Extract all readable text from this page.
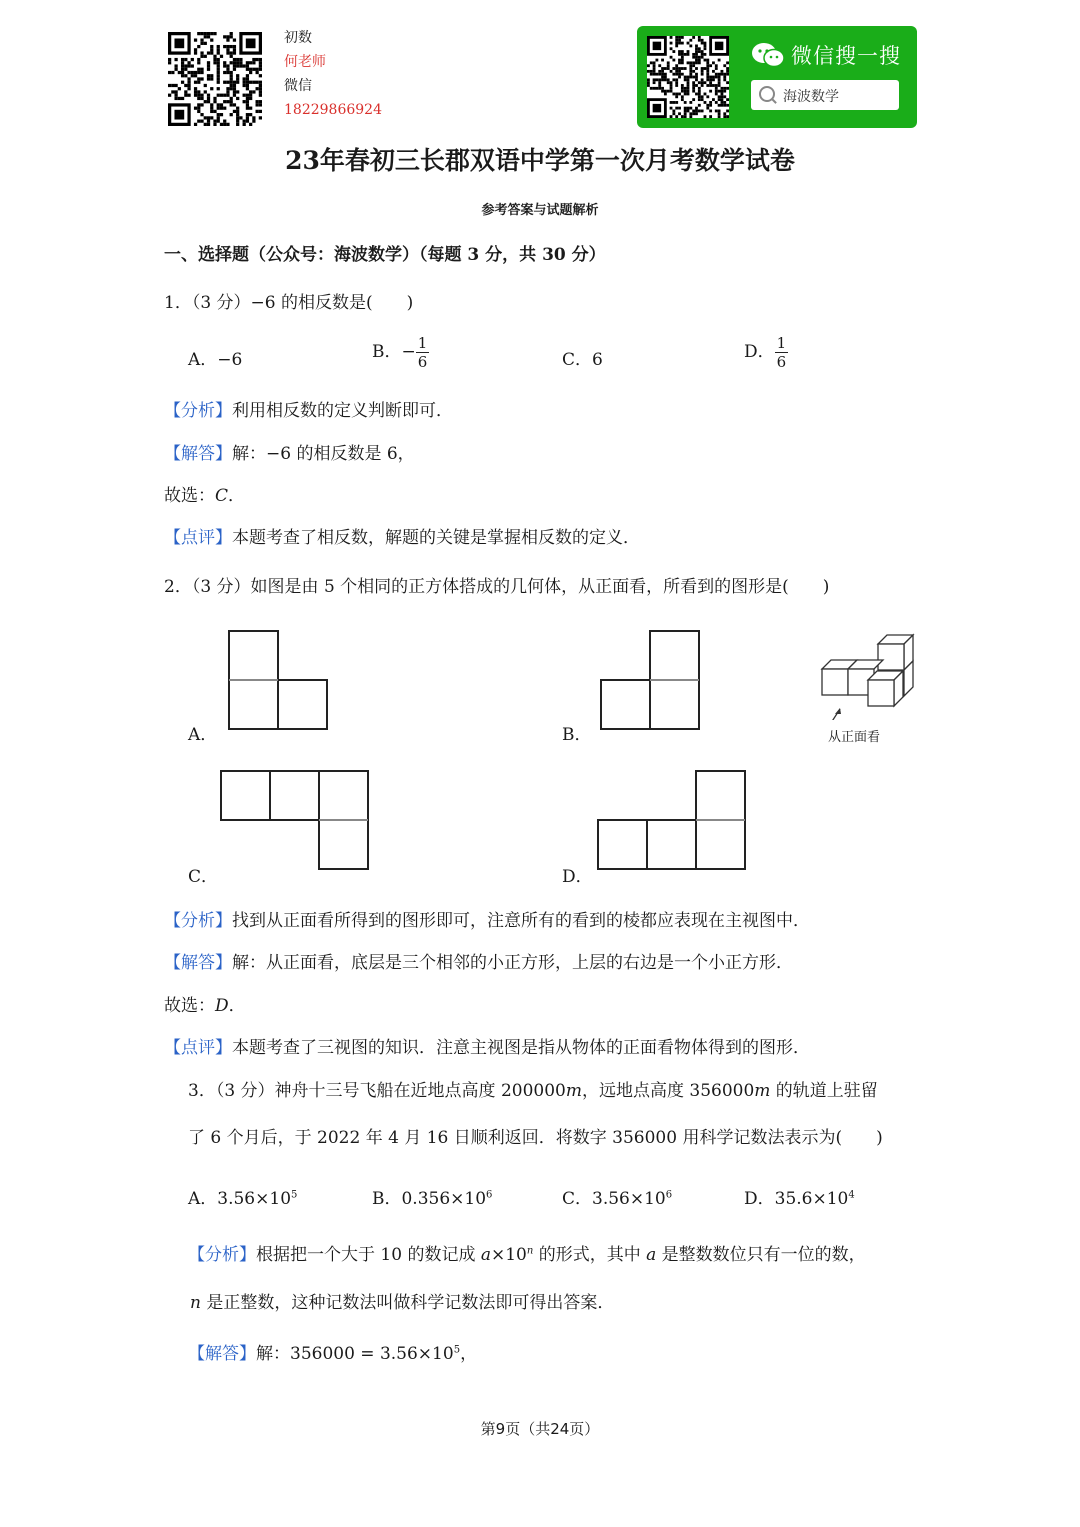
初数
何老师
微信
18229866924
微信搜一搜
海波数学
23年春初三长郡双语中学第一次月考数学试卷
参考答案与试题解析
一、选择题（公众号：海波数学）（每题 3 分，共 30 分）
1．（3 分）−6 的相反数是(　　)
A．−6	B．− $\frac{1}{6}$	C．6	D． $\frac{1}{6}$
【分析】利用相反数的定义判断即可．
【解答】解：−6 的相反数是 6，
故选：C．
【点评】本题考查了相反数，解题的关键是掌握相反数的定义．
2．（3 分）如图是由 5 个相同的正方体搭成的几何体，从正面看，所看到的图形是(　　)
A．	B．	从正面看
C．	D．
【分析】找到从正面看所得到的图形即可，注意所有的看到的棱都应表现在主视图中．
【解答】解：从正面看，底层是三个相邻的小正方形，上层的右边是一个小正方形．
故选：D．
【点评】本题考查了三视图的知识．注意主视图是指从物体的正面看物体得到的图形．
3．（3 分）神舟十三号飞船在近地点高度 200000m，远地点高度 356000m 的轨道上驻留
了 6 个月后，于 2022 年 4 月 16 日顺利返回．将数字 356000 用科学记数法表示为(　　)
A．$3.56\times 10^5$	B．$0.356\times 10^6$	C．$3.56\times 10^6$	D．$35.6\times 10^4$
【分析】根据把一个大于 10 的数记成 $a\times 10^n$ 的形式，其中 a 是整数数位只有一位的数，
n 是正整数，这种记数法叫做科学记数法即可得出答案．
【解答】解：$356000 = 3.56\times 10^5$，
第9页（共24页）
